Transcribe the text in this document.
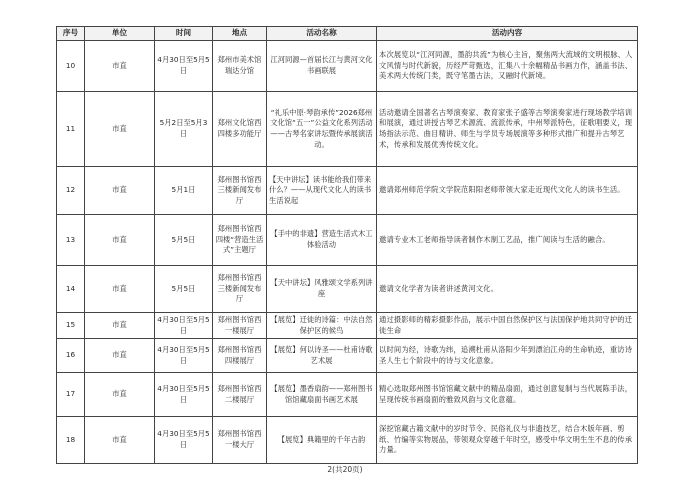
序号	单位	时间	地点	活动名称	活动内容
10	市直	4月30日至5月5日	郑州市美术馆瑞达分馆	江河同源—首届长江与黄河文化书画联展	本次展览以“江河同源，墨韵共流”为核心主旨，聚焦两大流域的文明根脉、人文风情与时代新貌，历经严苛甄选，汇集八十余幅精品书画力作，涵盖书法、美术两大传统门类，既守笔墨古法，又融时代新境。
11	市直	5月2日至5月3日	郑州文化馆西四楼多功能厅	“礼乐中原·琴韵承传”2026郑州文化馆“五一”公益文化系列活动——古琴名家讲坛暨传承展演活动。	活动邀请全国著名古琴演奏家、教育家张子盛等古琴演奏家进行现场教学培训和展演，通过讲授古琴艺术源流、流派传承，中州琴派特色，征歌唱要义，现场指法示范、曲目精讲、师生与学员专场展演等多种形式推广和提升古琴艺术，传承和发展优秀传统文化。
12	市直	5月1日	郑州图书馆西三楼新闻发布厅	【天中讲坛】读书能给我们带来什么？——从现代文化人的读书生活说起	邀请郑州师范学院文学院范阳阳老师带领大家走近现代文化人的读书生活。
13	市直	5月5日	郑州图书馆西四楼“营造生活式”主题厅	【手中的非遗】营造生活式木工体验活动	邀请专业木工老师指导读者制作木制工艺品，推广阅读与生活的融合。
14	市直	5月5日	郑州图书馆西三楼新闻发布厅	【天中讲坛】风雅颂文学系列讲座	邀请文化学者为读者讲述黄河文化。
15	市直	4月30日至5月5日	郑州图书馆西一楼展厅	【展览】迁徙的诗篇：中法自然保护区的候鸟	通过摄影师的精彩摄影作品，展示中国自然保护区与法国保护地共同守护的迁徙生命
16	市直	4月30日至5月5日	郑州图书馆西四楼展厅	【展览】何以诗圣——杜甫诗歌艺术展	以时间为经，诗歌为纬，追溯杜甫从洛阳少年到漂泊江舟的生命轨迹，重访诗圣人生七个阶段中的诗与文化意象。
17	市直	4月30日至5月5日	郑州图书馆西二楼展厅	【展览】墨香扇韵——郑州图书馆馆藏扇面书画艺术展	精心选取郑州图书馆馆藏文献中的精品扇面，通过创意复制与当代展陈手法，呈现传统书画扇面的雅致风韵与文化意蕴。
18	市直	4月30日至5月5日	郑州图书馆西一楼大厅	【展览】典籍里的千年古韵	深挖馆藏古籍文献中的岁时节令、民俗礼仪与非遗技艺，结合木版年画、剪纸、竹编等实物展品，带领观众穿越千年时空，感受中华文明生生不息的传承力量。
2(共20页)
